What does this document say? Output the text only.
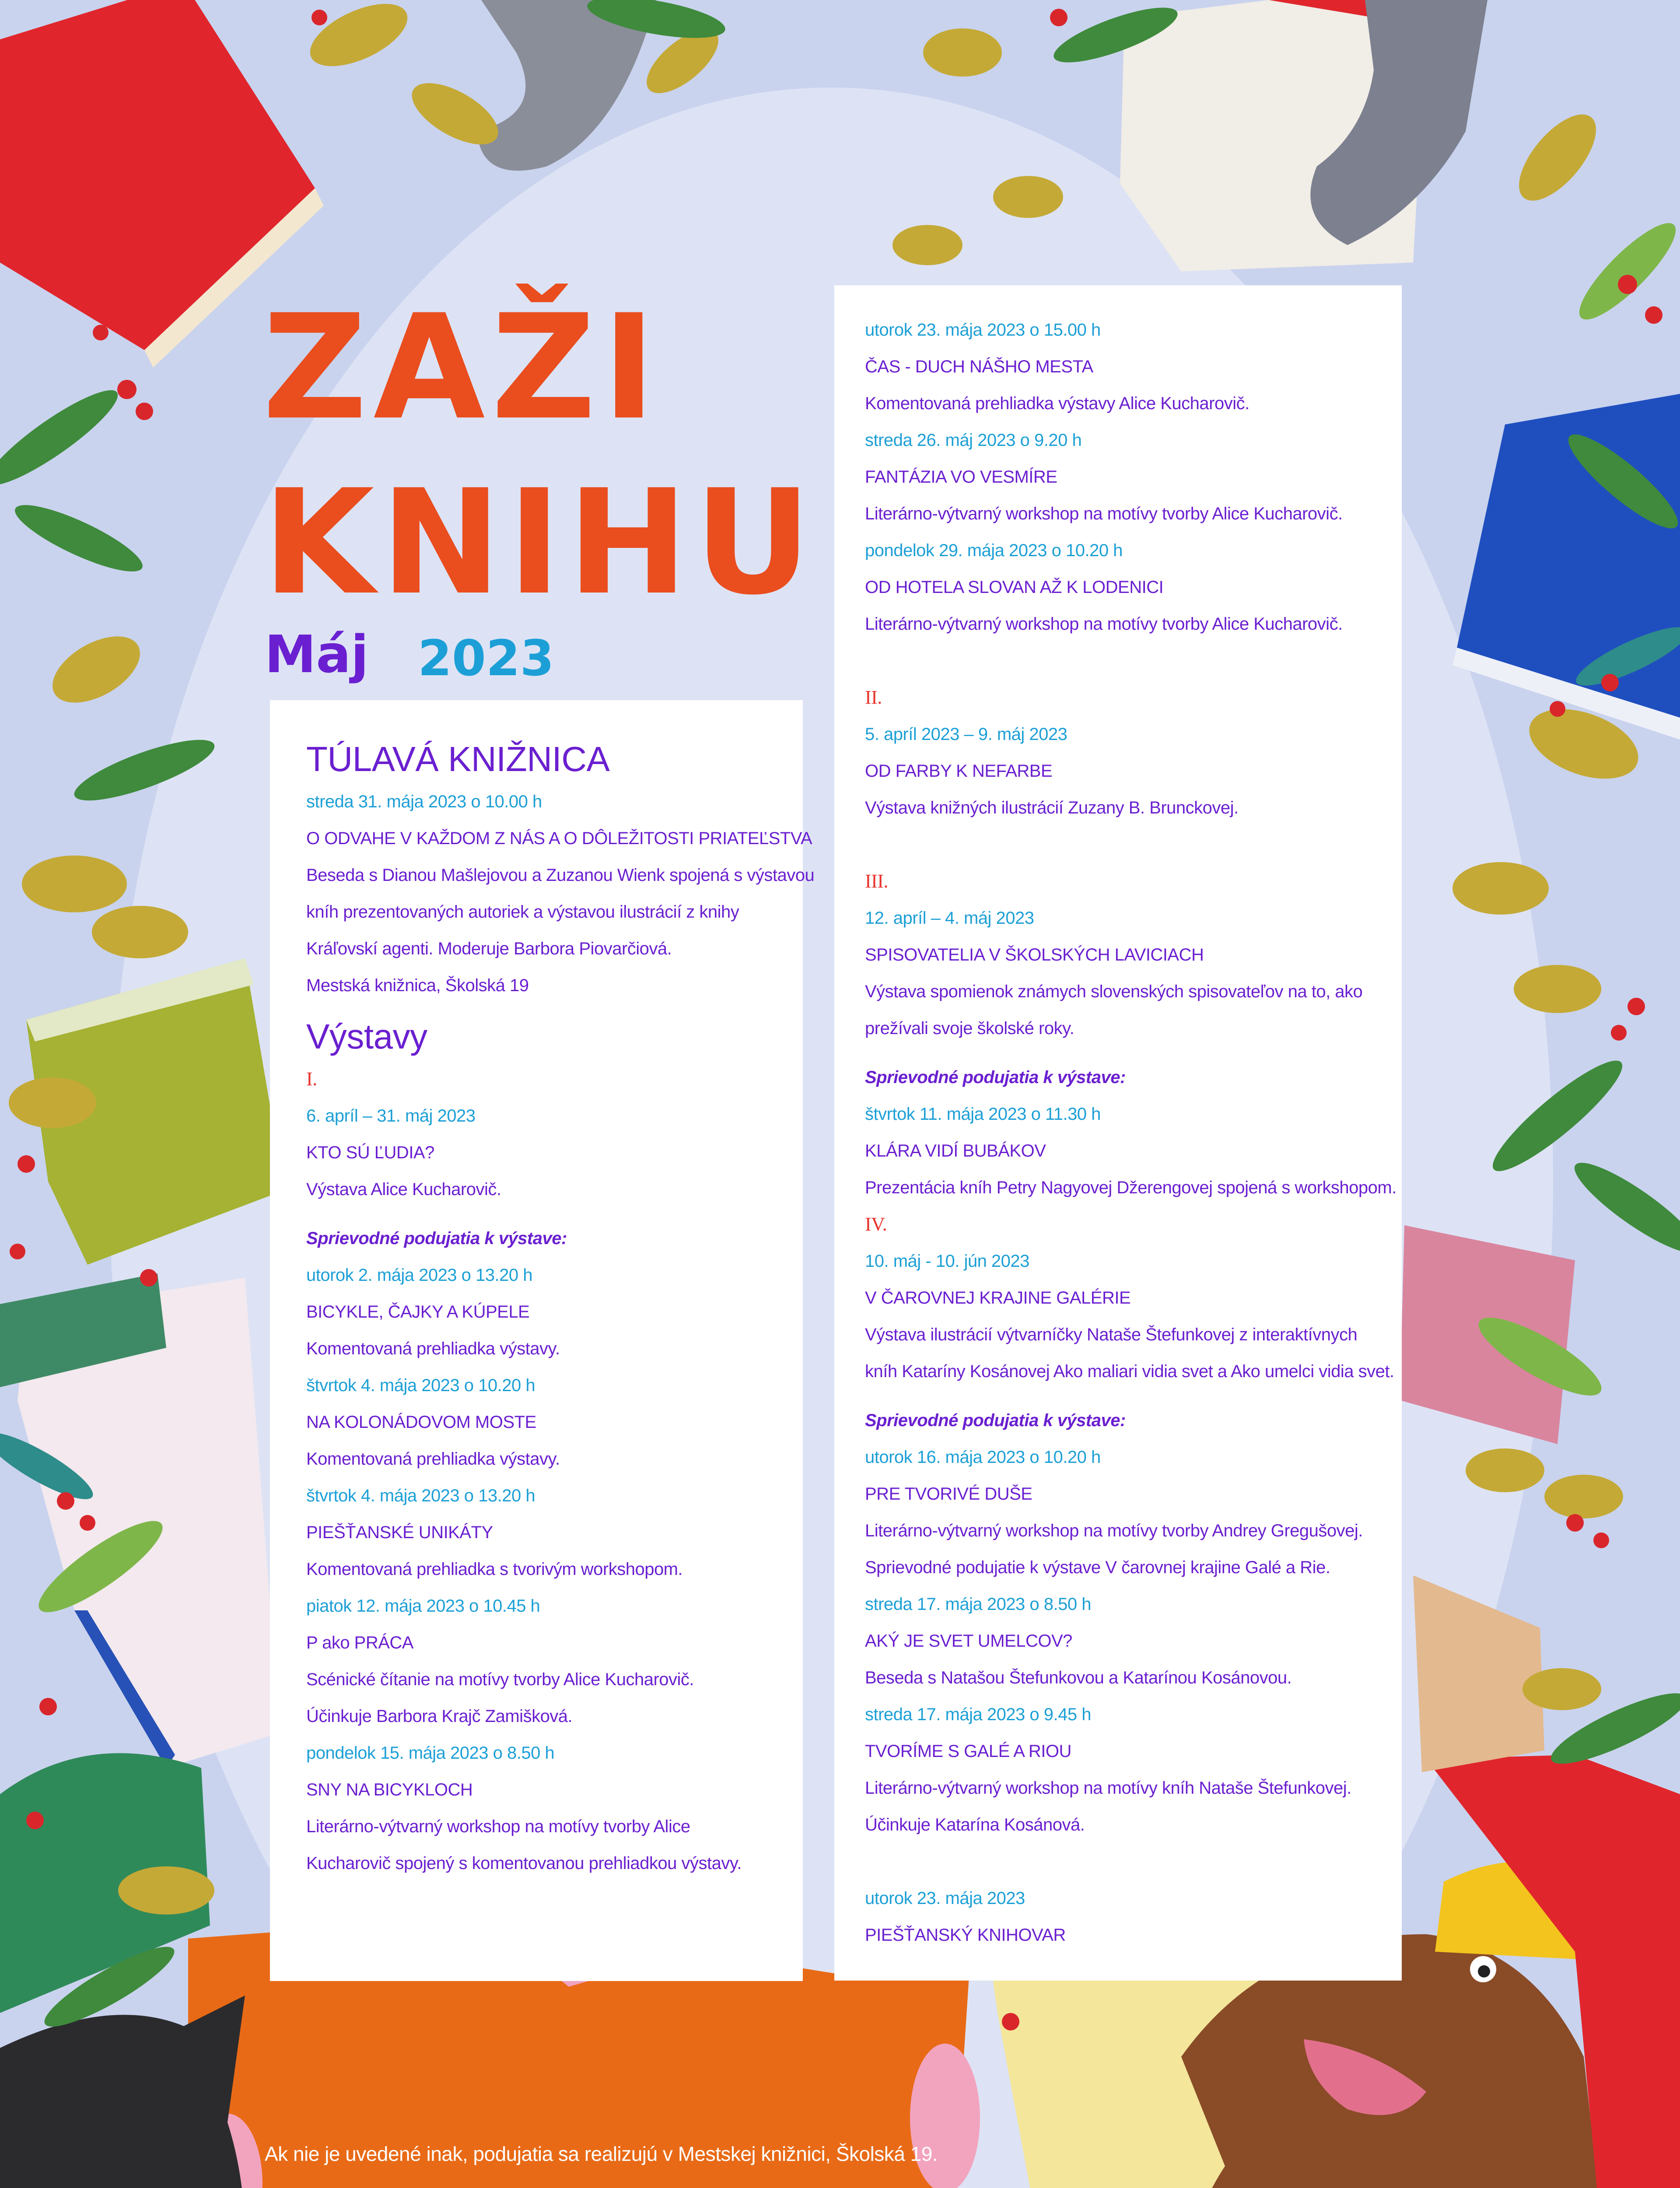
ZAŽI
KNIHU
Máj 2023
TÚLAVÁ KNIŽNICA
streda 31. mája 2023 o 10.00 h
O ODVAHE V KAŽDOM Z NÁS A O DÔLEŽITOSTI PRIATEĽSTVA
Beseda s Dianou Mašlejovou a Zuzanou Wienk spojená s výstavou
kníh prezentovaných autoriek a výstavou ilustrácií z knihy
Kráľovskí agenti. Moderuje Barbora Piovarčiová.
Mestská knižnica, Školská 19
Výstavy
I.
6. apríl – 31. máj 2023
KTO SÚ ĽUDIA?
Výstava Alice Kucharovič.
Sprievodné podujatia k výstave:
utorok 2. mája 2023 o 13.20 h
BICYKLE, ČAJKY A KÚPELE
Komentovaná prehliadka výstavy.
štvrtok 4. mája 2023 o 10.20 h
NA KOLONÁDOVOM MOSTE
Komentovaná prehliadka výstavy.
štvrtok 4. mája 2023 o 13.20 h
PIEŠŤANSKÉ UNIKÁTY
Komentovaná prehliadka s tvorivým workshopom.
piatok 12. mája 2023 o 10.45 h
P ako PRÁCA
Scénické čítanie na motívy tvorby Alice Kucharovič.
Účinkuje Barbora Krajč Zamišková.
pondelok 15. mája 2023 o 8.50 h
SNY NA BICYKLOCH
Literárno-výtvarný workshop na motívy tvorby Alice
Kucharovič spojený s komentovanou prehliadkou výstavy.
utorok 23. mája 2023 o 15.00 h
ČAS - DUCH NÁŠHO MESTA
Komentovaná prehliadka výstavy Alice Kucharovič.
streda 26. máj 2023 o 9.20 h
FANTÁZIA VO VESMÍRE
Literárno-výtvarný workshop na motívy tvorby Alice Kucharovič.
pondelok 29. mája 2023 o 10.20 h
OD HOTELA SLOVAN AŽ K LODENICI
Literárno-výtvarný workshop na motívy tvorby Alice Kucharovič.
II.
5. apríl 2023 – 9. máj 2023
OD FARBY K NEFARBE
Výstava knižných ilustrácií Zuzany B. Brunckovej.
III.
12. apríl – 4. máj 2023
SPISOVATELIA V ŠKOLSKÝCH LAVICIACH
Výstava spomienok známych slovenských spisovateľov na to, ako
prežívali svoje školské roky.
Sprievodné podujatia k výstave:
štvrtok 11. mája 2023 o 11.30 h
KLÁRA VIDÍ BUBÁKOV
Prezentácia kníh Petry Nagyovej Džerengovej spojená s workshopom.
IV.
10. máj - 10. jún 2023
V ČAROVNEJ KRAJINE GALÉRIE
Výstava ilustrácií výtvarníčky Nataše Štefunkovej z interaktívnych
kníh Kataríny Kosánovej Ako maliari vidia svet a Ako umelci vidia svet.
Sprievodné podujatia k výstave:
utorok 16. mája 2023 o 10.20 h
PRE TVORIVÉ DUŠE
Literárno-výtvarný workshop na motívy tvorby Andrey Gregušovej.
Sprievodné podujatie k výstave V čarovnej krajine Galé a Rie.
streda 17. mája 2023 o 8.50 h
AKÝ JE SVET UMELCOV?
Beseda s Natašou Štefunkovou a Katarínou Kosánovou.
streda 17. mája 2023 o 9.45 h
TVORÍME S GALÉ A RIOU
Literárno-výtvarný workshop na motívy kníh Nataše Štefunkovej.
Účinkuje Katarína Kosánová.
utorok 23. mája 2023
PIEŠŤANSKÝ KNIHOVAR
Ak nie je uvedené inak, podujatia sa realizujú v Mestskej knižnici, Školská 19.
